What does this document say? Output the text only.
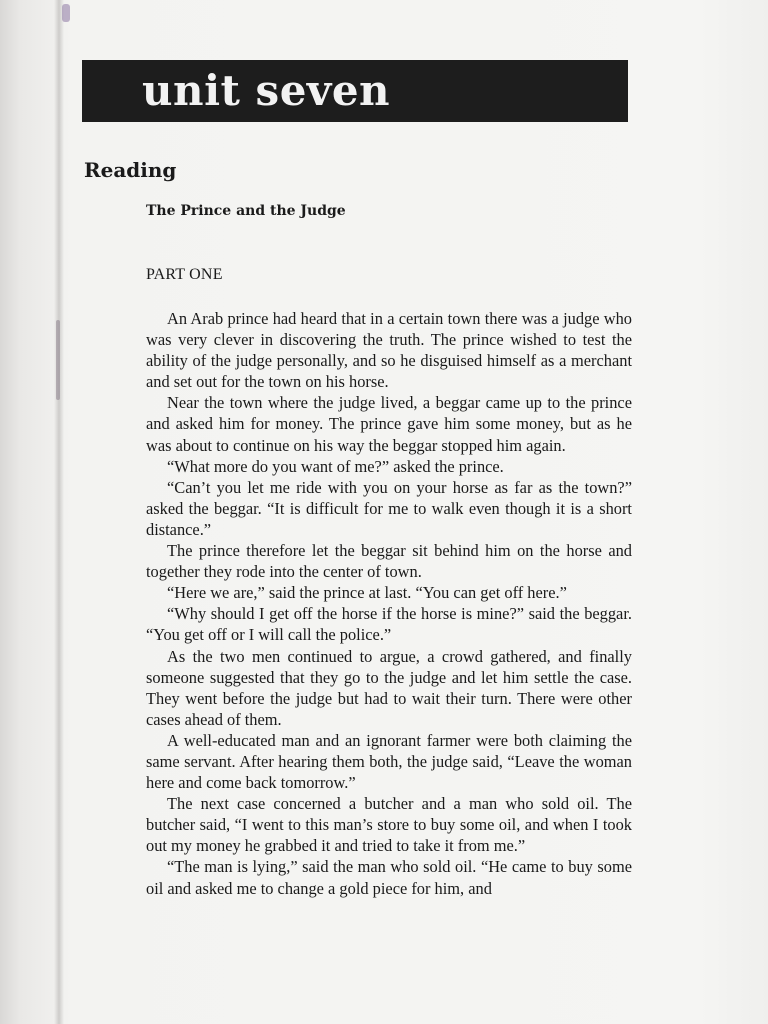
unit seven
Reading
The Prince and the Judge
PART ONE

An Arab prince had heard that in a certain town there was a judge who was very clever in discovering the truth. The prince wished to test the ability of the judge personally, and so he disguised himself as a merchant and set out for the town on his horse.

Near the town where the judge lived, a beggar came up to the prince and asked him for money. The prince gave him some money, but as he was about to continue on his way the beggar stopped him again.

“What more do you want of me?” asked the prince.

“Can’t you let me ride with you on your horse as far as the town?” asked the beggar. “It is difficult for me to walk even though it is a short distance.”

The prince therefore let the beggar sit behind him on the horse and together they rode into the center of town.

“Here we are,” said the prince at last. “You can get off here.”

“Why should I get off the horse if the horse is mine?” said the beggar. “You get off or I will call the police.”

As the two men continued to argue, a crowd gathered, and finally someone suggested that they go to the judge and let him settle the case. They went before the judge but had to wait their turn. There were other cases ahead of them.

A well-educated man and an ignorant farmer were both claiming the same servant. After hearing them both, the judge said, “Leave the woman here and come back tomorrow.”

The next case concerned a butcher and a man who sold oil. The butcher said, “I went to this man’s store to buy some oil, and when I took out my money he grabbed it and tried to take it from me.”

“The man is lying,” said the man who sold oil. “He came to buy some oil and asked me to change a gold piece for him, and
